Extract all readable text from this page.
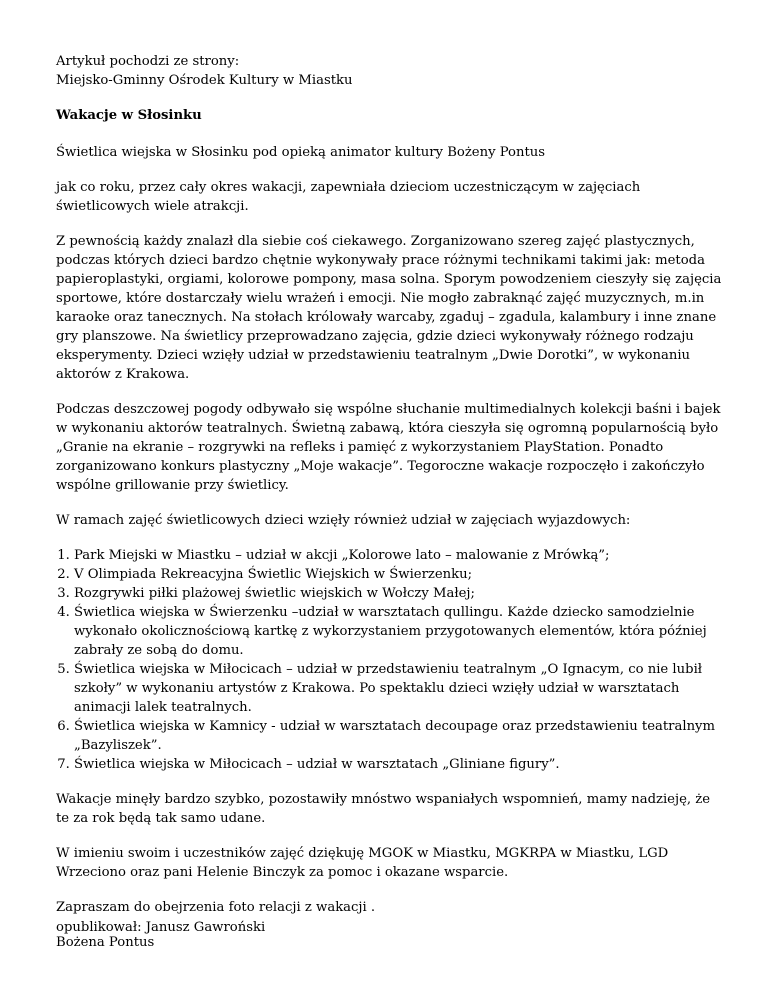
Artykuł pochodzi ze strony:
Miejsko-Gminny Ośrodek Kultury w Miastku

Wakacje w Słosinku

Świetlica wiejska w Słosinku pod opieką animator kultury Bożeny Pontus

jak co roku, przez cały okres wakacji, zapewniała dzieciom uczestniczącym w zajęciach świetlicowych wiele atrakcji.

Z pewnością każdy znalazł dla siebie coś ciekawego. Zorganizowano szereg zajęć plastycznych, podczas których dzieci bardzo chętnie wykonywały prace różnymi technikami takimi jak: metoda papieroplastyki, orgiami, kolorowe pompony, masa solna. Sporym powodzeniem cieszyły się zajęcia sportowe, które dostarczały wielu wrażeń i emocji. Nie mogło zabraknąć zajęć muzycznych, m.in karaoke oraz tanecznych. Na stołach królowały warcaby, zgaduj – zgadula, kalambury i inne znane gry planszowe. Na świetlicy przeprowadzano zajęcia, gdzie dzieci wykonywały różnego rodzaju eksperymenty. Dzieci wzięły udział w przedstawieniu teatralnym „Dwie Dorotki”, w wykonaniu aktorów z Krakowa.

Podczas deszczowej pogody odbywało się wspólne słuchanie multimedialnych kolekcji baśni i bajek w wykonaniu aktorów teatralnych. Świetną zabawą, która cieszyła się ogromną popularnością było „Granie na ekranie – rozgrywki na refleks i pamięć z wykorzystaniem PlayStation. Ponadto zorganizowano konkurs plastyczny „Moje wakacje”. Tegoroczne wakacje rozpoczęło i zakończyło wspólne grillowanie przy świetlicy.

W ramach zajęć świetlicowych dzieci wzięły również udział w zajęciach wyjazdowych:

1. Park Miejski w Miastku – udział w akcji „Kolorowe lato – malowanie z Mrówką”;
2. V Olimpiada Rekreacyjna Świetlic Wiejskich w Świerzenku;
3. Rozgrywki piłki plażowej świetlic wiejskich w Wołczy Małej;
4. Świetlica wiejska w Świerzenku –udział w warsztatach qullingu. Każde dziecko samodzielnie wykonało okolicznościową kartkę z wykorzystaniem przygotowanych elementów, która później zabrały ze sobą do domu.
5. Świetlica wiejska w Miłocicach – udział w przedstawieniu teatralnym „O Ignacym, co nie lubił szkoły” w wykonaniu artystów z Krakowa. Po spektaklu dzieci wzięły udział w warsztatach animacji lalek teatralnych.
6. Świetlica wiejska w Kamnicy - udział w warsztatach decoupage oraz przedstawieniu teatralnym „Bazyliszek”.
7. Świetlica wiejska w Miłocicach – udział w warsztatach „Gliniane figury”.

Wakacje minęły bardzo szybko, pozostawiły mnóstwo wspaniałych wspomnień, mamy nadzieję, że te za rok będą tak samo udane.

W imieniu swoim i uczestników zajęć dziękuję MGOK w Miastku, MGKRPA w Miastku, LGD Wrzeciono oraz pani Helenie Binczyk za pomoc i okazane wsparcie.

Zapraszam do obejrzenia foto relacji z wakacji .

Bożena Pontus

opublikował: Janusz Gawroński
